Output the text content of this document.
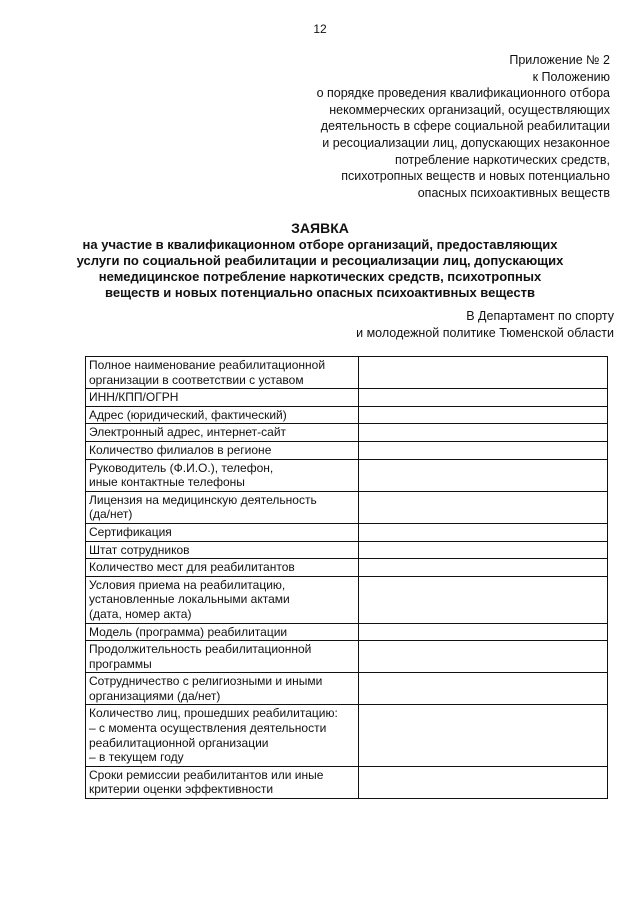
12
Приложение № 2
к Положению
о порядке проведения квалификационного отбора
некоммерческих организаций, осуществляющих
деятельность в сфере социальной реабилитации
и ресоциализации лиц, допускающих незаконное
потребление наркотических средств,
психотропных веществ и новых потенциально
опасных психоактивных веществ
ЗАЯВКА
на участие в квалификационном отборе организаций, предоставляющих
услуги по социальной реабилитации и ресоциализации лиц, допускающих
немедицинское потребление наркотических средств, психотропных
веществ и новых потенциально опасных психоактивных веществ
В Департамент по спорту
и молодежной политике Тюменской области
Полное наименование реабилитационной
организации в соответствии с уставом	

ИНН/КПП/ОГРН	

Адрес (юридический, фактический)	

Электронный адрес, интернет-сайт	

Количество филиалов в регионе	

Руководитель (Ф.И.О.), телефон,
иные контактные телефоны	

Лицензия на медицинскую деятельность
(да/нет)	

Сертификация	

Штат сотрудников	

Количество мест для реабилитантов	

Условия приема на реабилитацию,
установленные локальными актами
(дата, номер акта)	

Модель (программа) реабилитации	

Продолжительность реабилитационной
программы	

Сотрудничество с религиозными и иными
организациями (да/нет)	

Количество лиц, прошедших реабилитацию:
– с момента осуществления деятельности
реабилитационной организации
– в текущем году	

Сроки ремиссии реабилитантов или иные
критерии оценки эффективности	
